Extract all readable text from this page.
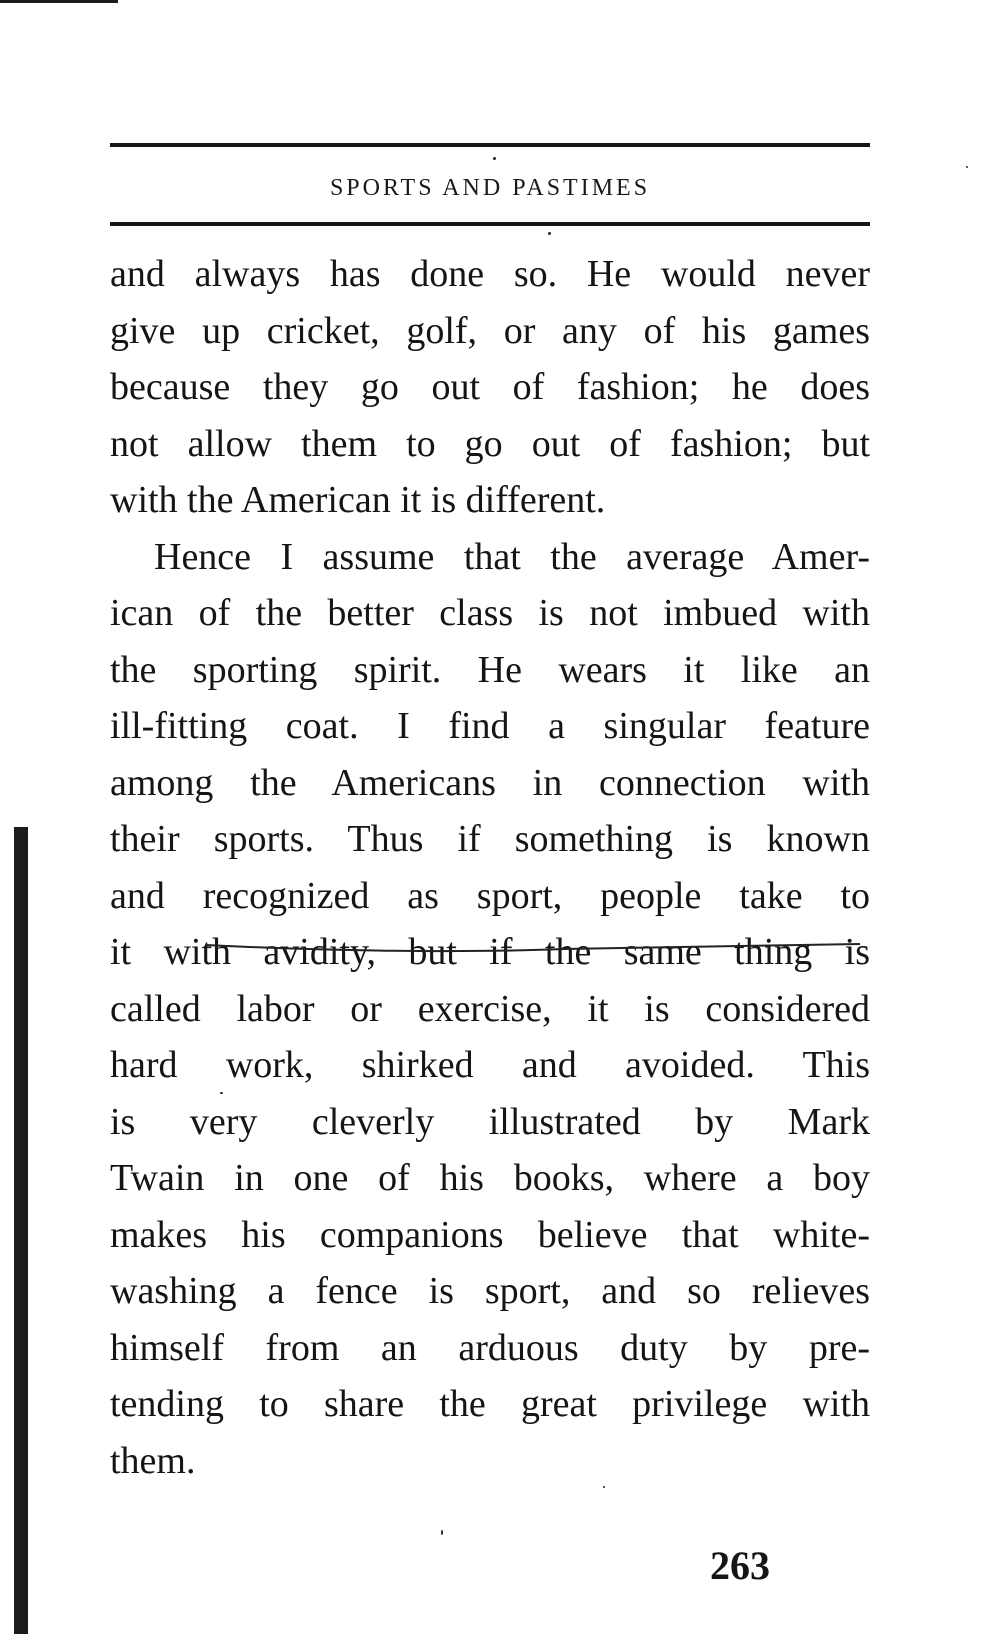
SPORTS AND PASTIMES
and always has done so. He would never
give up cricket, golf, or any of his games
because they go out of fashion; he does
not allow them to go out of fashion; but
with the American it is different.
Hence I assume that the average Amer-
ican of the better class is not imbued with
the sporting spirit. He wears it like an
ill-fitting coat. I find a singular feature
among the Americans in connection with
their sports. Thus if something is known
and recognized as sport, people take to
it with avidity, but if the same thing is
called labor or exercise, it is considered
hard work, shirked and avoided. This
is very cleverly illustrated by Mark
Twain in one of his books, where a boy
makes his companions believe that white-
washing a fence is sport, and so relieves
himself from an arduous duty by pre-
tending to share the great privilege with
them.
263
